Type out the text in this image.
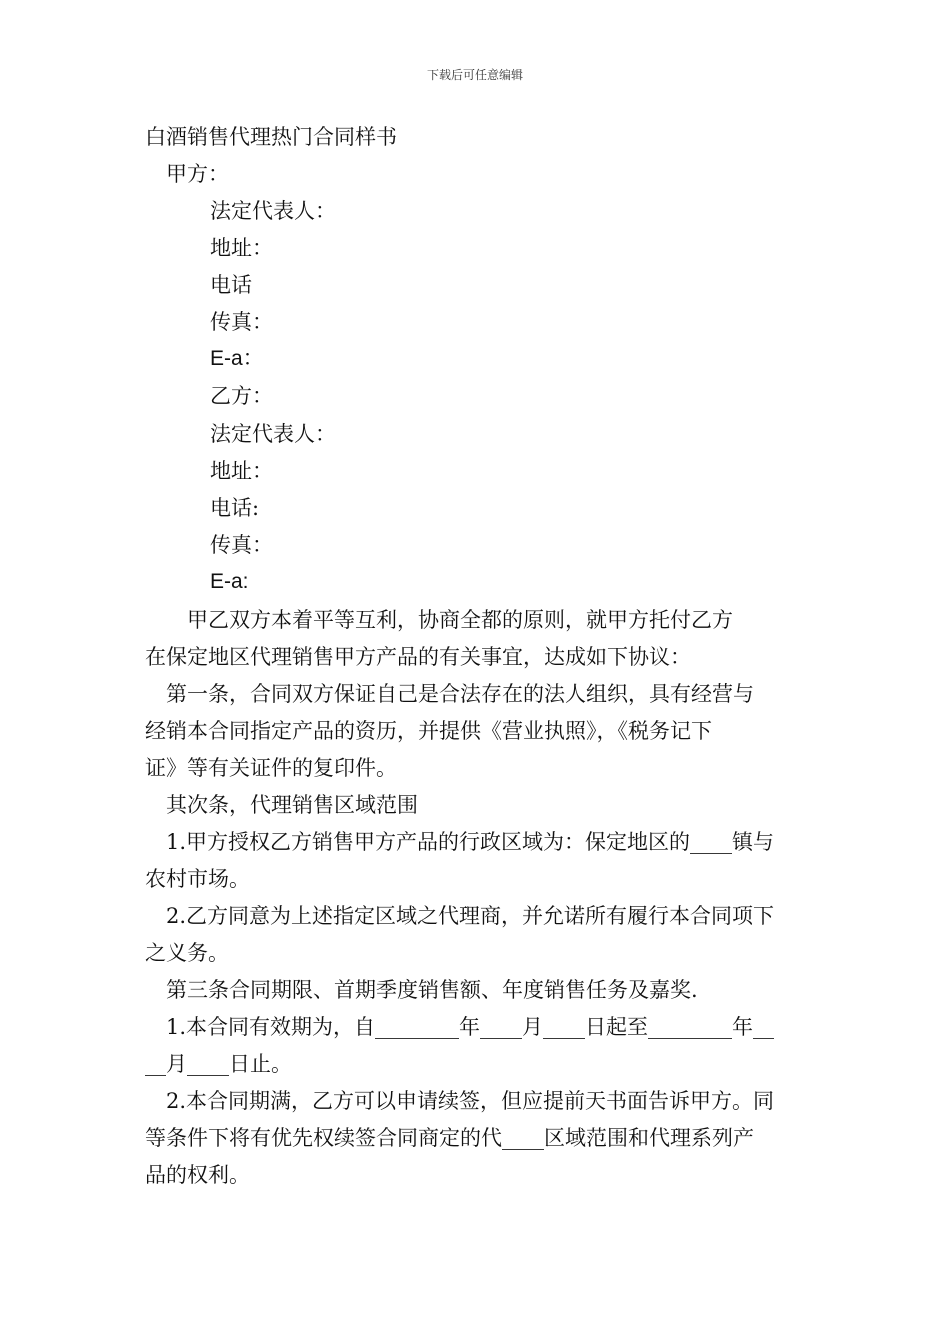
下载后可任意编辑
白酒销售代理热门合同样书
甲方：
法定代表人：
地址：
电话
传真：
E-a：
乙方：
法定代表人：
地址：
电话:
传真：
E-a:
　　甲乙双方本着平等互利，协商全都的原则，就甲方托付乙方
在保定地区代理销售甲方产品的有关事宜，达成如下协议：
　第一条，合同双方保证自己是合法存在的法人组织，具有经营与
经销本合同指定产品的资历，并提供《营业执照》，《税务记下
证》等有关证件的复印件。
　其次条，代理销售区域范围
　1.甲方授权乙方销售甲方产品的行政区域为：保定地区的____镇与
农村市场。
　2.乙方同意为上述指定区域之代理商，并允诺所有履行本合同项下
之义务。
　第三条合同期限、首期季度销售额、年度销售任务及嘉奖.
　1.本合同有效期为，自________年____月____日起至________年__
__月____日止。
　2.本合同期满，乙方可以申请续签，但应提前天书面告诉甲方。同
等条件下将有优先权续签合同商定的代____区域范围和代理系列产
品的权利。
